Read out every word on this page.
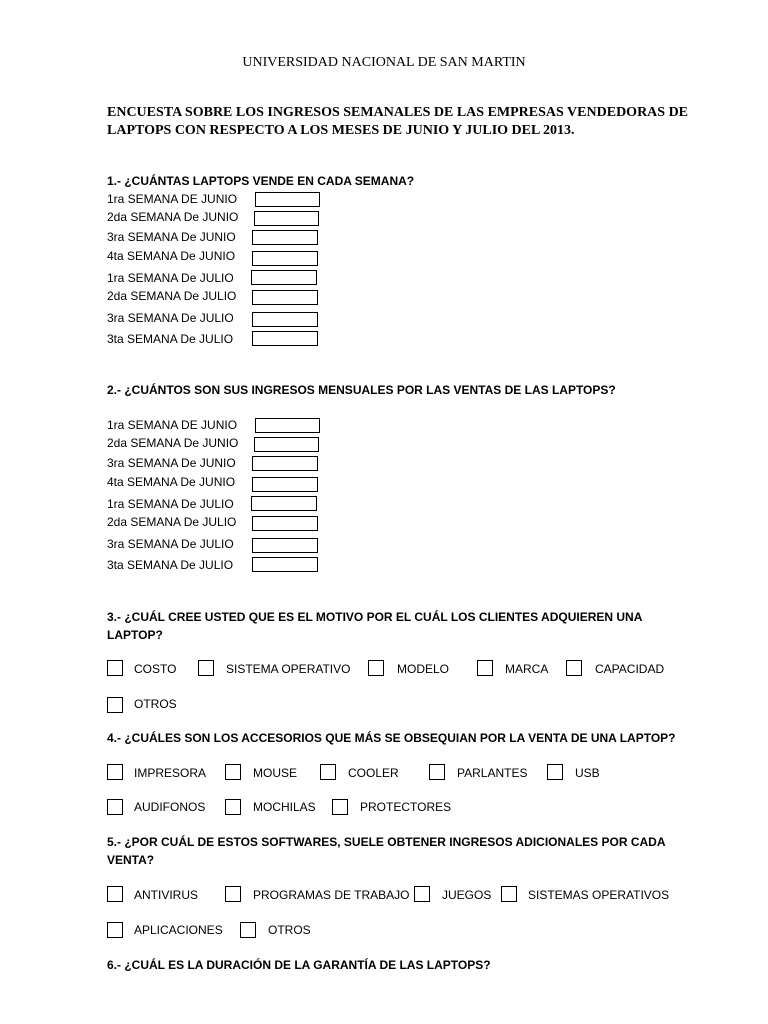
UNIVERSIDAD NACIONAL DE SAN MARTIN
ENCUESTA SOBRE LOS INGRESOS SEMANALES DE LAS EMPRESAS VENDEDORAS DE
LAPTOPS CON RESPECTO A LOS MESES DE JUNIO Y JULIO DEL 2013.
1.- ¿CUÁNTAS LAPTOPS VENDE EN CADA SEMANA?
1ra SEMANA DE JUNIO
2da SEMANA De JUNIO
3ra SEMANA De JUNIO
4ta SEMANA De JUNIO
1ra SEMANA De JULIO
2da SEMANA De JULIO
3ra SEMANA De JULIO
3ta SEMANA De JULIO
2.- ¿CUÁNTOS SON SUS INGRESOS MENSUALES POR LAS VENTAS DE LAS LAPTOPS?
1ra SEMANA DE JUNIO
2da SEMANA De JUNIO
3ra SEMANA De JUNIO
4ta SEMANA De JUNIO
1ra SEMANA De JULIO
2da SEMANA De JULIO
3ra SEMANA De JULIO
3ta SEMANA De JULIO
3.- ¿CUÁL CREE USTED QUE ES EL MOTIVO POR EL CUÁL LOS CLIENTES ADQUIEREN UNA
LAPTOP?
COSTO	SISTEMA OPERATIVO	MODELO	MARCA	CAPACIDAD
OTROS
4.- ¿CUÁLES SON LOS ACCESORIOS QUE MÁS SE OBSEQUIAN POR LA VENTA DE UNA LAPTOP?
IMPRESORA	MOUSE	COOLER	PARLANTES	USB
AUDIFONOS	MOCHILAS	PROTECTORES
5.- ¿POR CUÁL DE ESTOS SOFTWARES, SUELE OBTENER INGRESOS ADICIONALES POR CADA
VENTA?
ANTIVIRUS	PROGRAMAS DE TRABAJO	JUEGOS	SISTEMAS OPERATIVOS
APLICACIONES	OTROS
6.- ¿CUÁL ES LA DURACIÓN DE LA GARANTÍA DE LAS LAPTOPS?
